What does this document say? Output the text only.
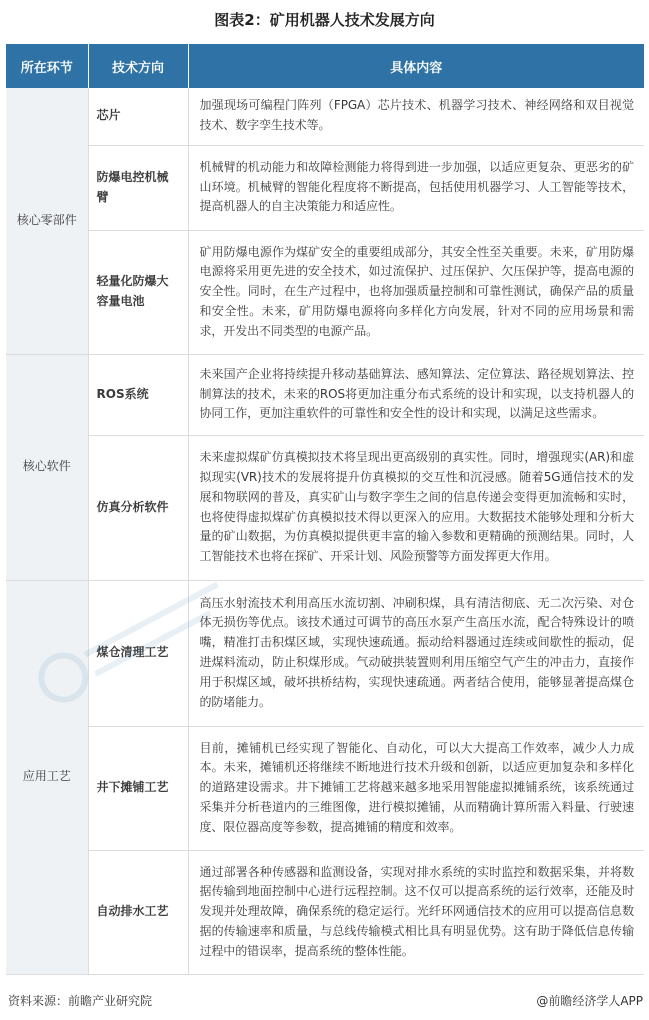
图表2：矿用机器人技术发展方向
所在环节	技术方向	具体内容
核心零部件	芯片	加强现场可编程门阵列（FPGA）芯片技术、机器学习技术、神经网络和双目视觉技术、数字孪生技术等。
	防爆电控机械臂	机械臂的机动能力和故障检测能力将得到进一步加强，以适应更复杂、更恶劣的矿山环境。机械臂的智能化程度将不断提高，包括使用机器学习、人工智能等技术，提高机器人的自主决策能力和适应性。
	轻量化防爆大容量电池	矿用防爆电源作为煤矿安全的重要组成部分，其安全性至关重要。未来，矿用防爆电源将采用更先进的安全技术，如过流保护、过压保护、欠压保护等，提高电源的安全性。同时，在生产过程中，也将加强质量控制和可靠性测试，确保产品的质量和安全性。未来，矿用防爆电源将向多样化方向发展，针对不同的应用场景和需求，开发出不同类型的电源产品。
核心软件	ROS系统	未来国产企业将持续提升移动基础算法、感知算法、定位算法、路径规划算法、控制算法的技术，未来的ROS将更加注重分布式系统的设计和实现，以支持机器人的协同工作，更加注重软件的可靠性和安全性的设计和实现，以满足这些需求。
	仿真分析软件	未来虚拟煤矿仿真模拟技术将呈现出更高级别的真实性。同时，增强现实(AR)和虚拟现实(VR)技术的发展将提升仿真模拟的交互性和沉浸感。随着5G通信技术的发展和物联网的普及，真实矿山与数字孪生之间的信息传递会变得更加流畅和实时，也将使得虚拟煤矿仿真模拟技术得以更深入的应用。大数据技术能够处理和分析大量的矿山数据，为仿真模拟提供更丰富的输入参数和更精确的预测结果。同时，人工智能技术也将在探矿、开采计划、风险预警等方面发挥更大作用。
应用工艺	煤仓清理工艺	高压水射流技术利用高压水流切割、冲刷积煤，具有清洁彻底、无二次污染、对仓体无损伤等优点。该技术通过可调节的高压水泵产生高压水流，配合特殊设计的喷嘴，精准打击积煤区域，实现快速疏通。振动给料器通过连续或间歇性的振动，促进煤料流动，防止积煤形成。气动破拱装置则利用压缩空气产生的冲击力，直接作用于积煤区域，破坏拱桥结构，实现快速疏通。两者结合使用，能够显著提高煤仓的防堵能力。
	井下摊铺工艺	目前，摊铺机已经实现了智能化、自动化，可以大大提高工作效率，减少人力成本。未来，摊铺机还将继续不断地进行技术升级和创新，以适应更加复杂和多样化的道路建设需求。井下摊铺工艺将越来越多地采用智能虚拟摊铺系统，该系统通过采集并分析巷道内的三维图像，进行模拟摊铺，从而精确计算所需入料量、行驶速度、限位器高度等参数，提高摊铺的精度和效率。
	自动排水工艺	通过部署各种传感器和监测设备，实现对排水系统的实时监控和数据采集，并将数据传输到地面控制中心进行远程控制。这不仅可以提高系统的运行效率，还能及时发现并处理故障，确保系统的稳定运行。光纤环网通信技术的应用可以提高信息数据的传输速率和质量，与总线传输模式相比具有明显优势。这有助于降低信息传输过程中的错误率，提高系统的整体性能。
资料来源：前瞻产业研究院	@前瞻经济学人APP
